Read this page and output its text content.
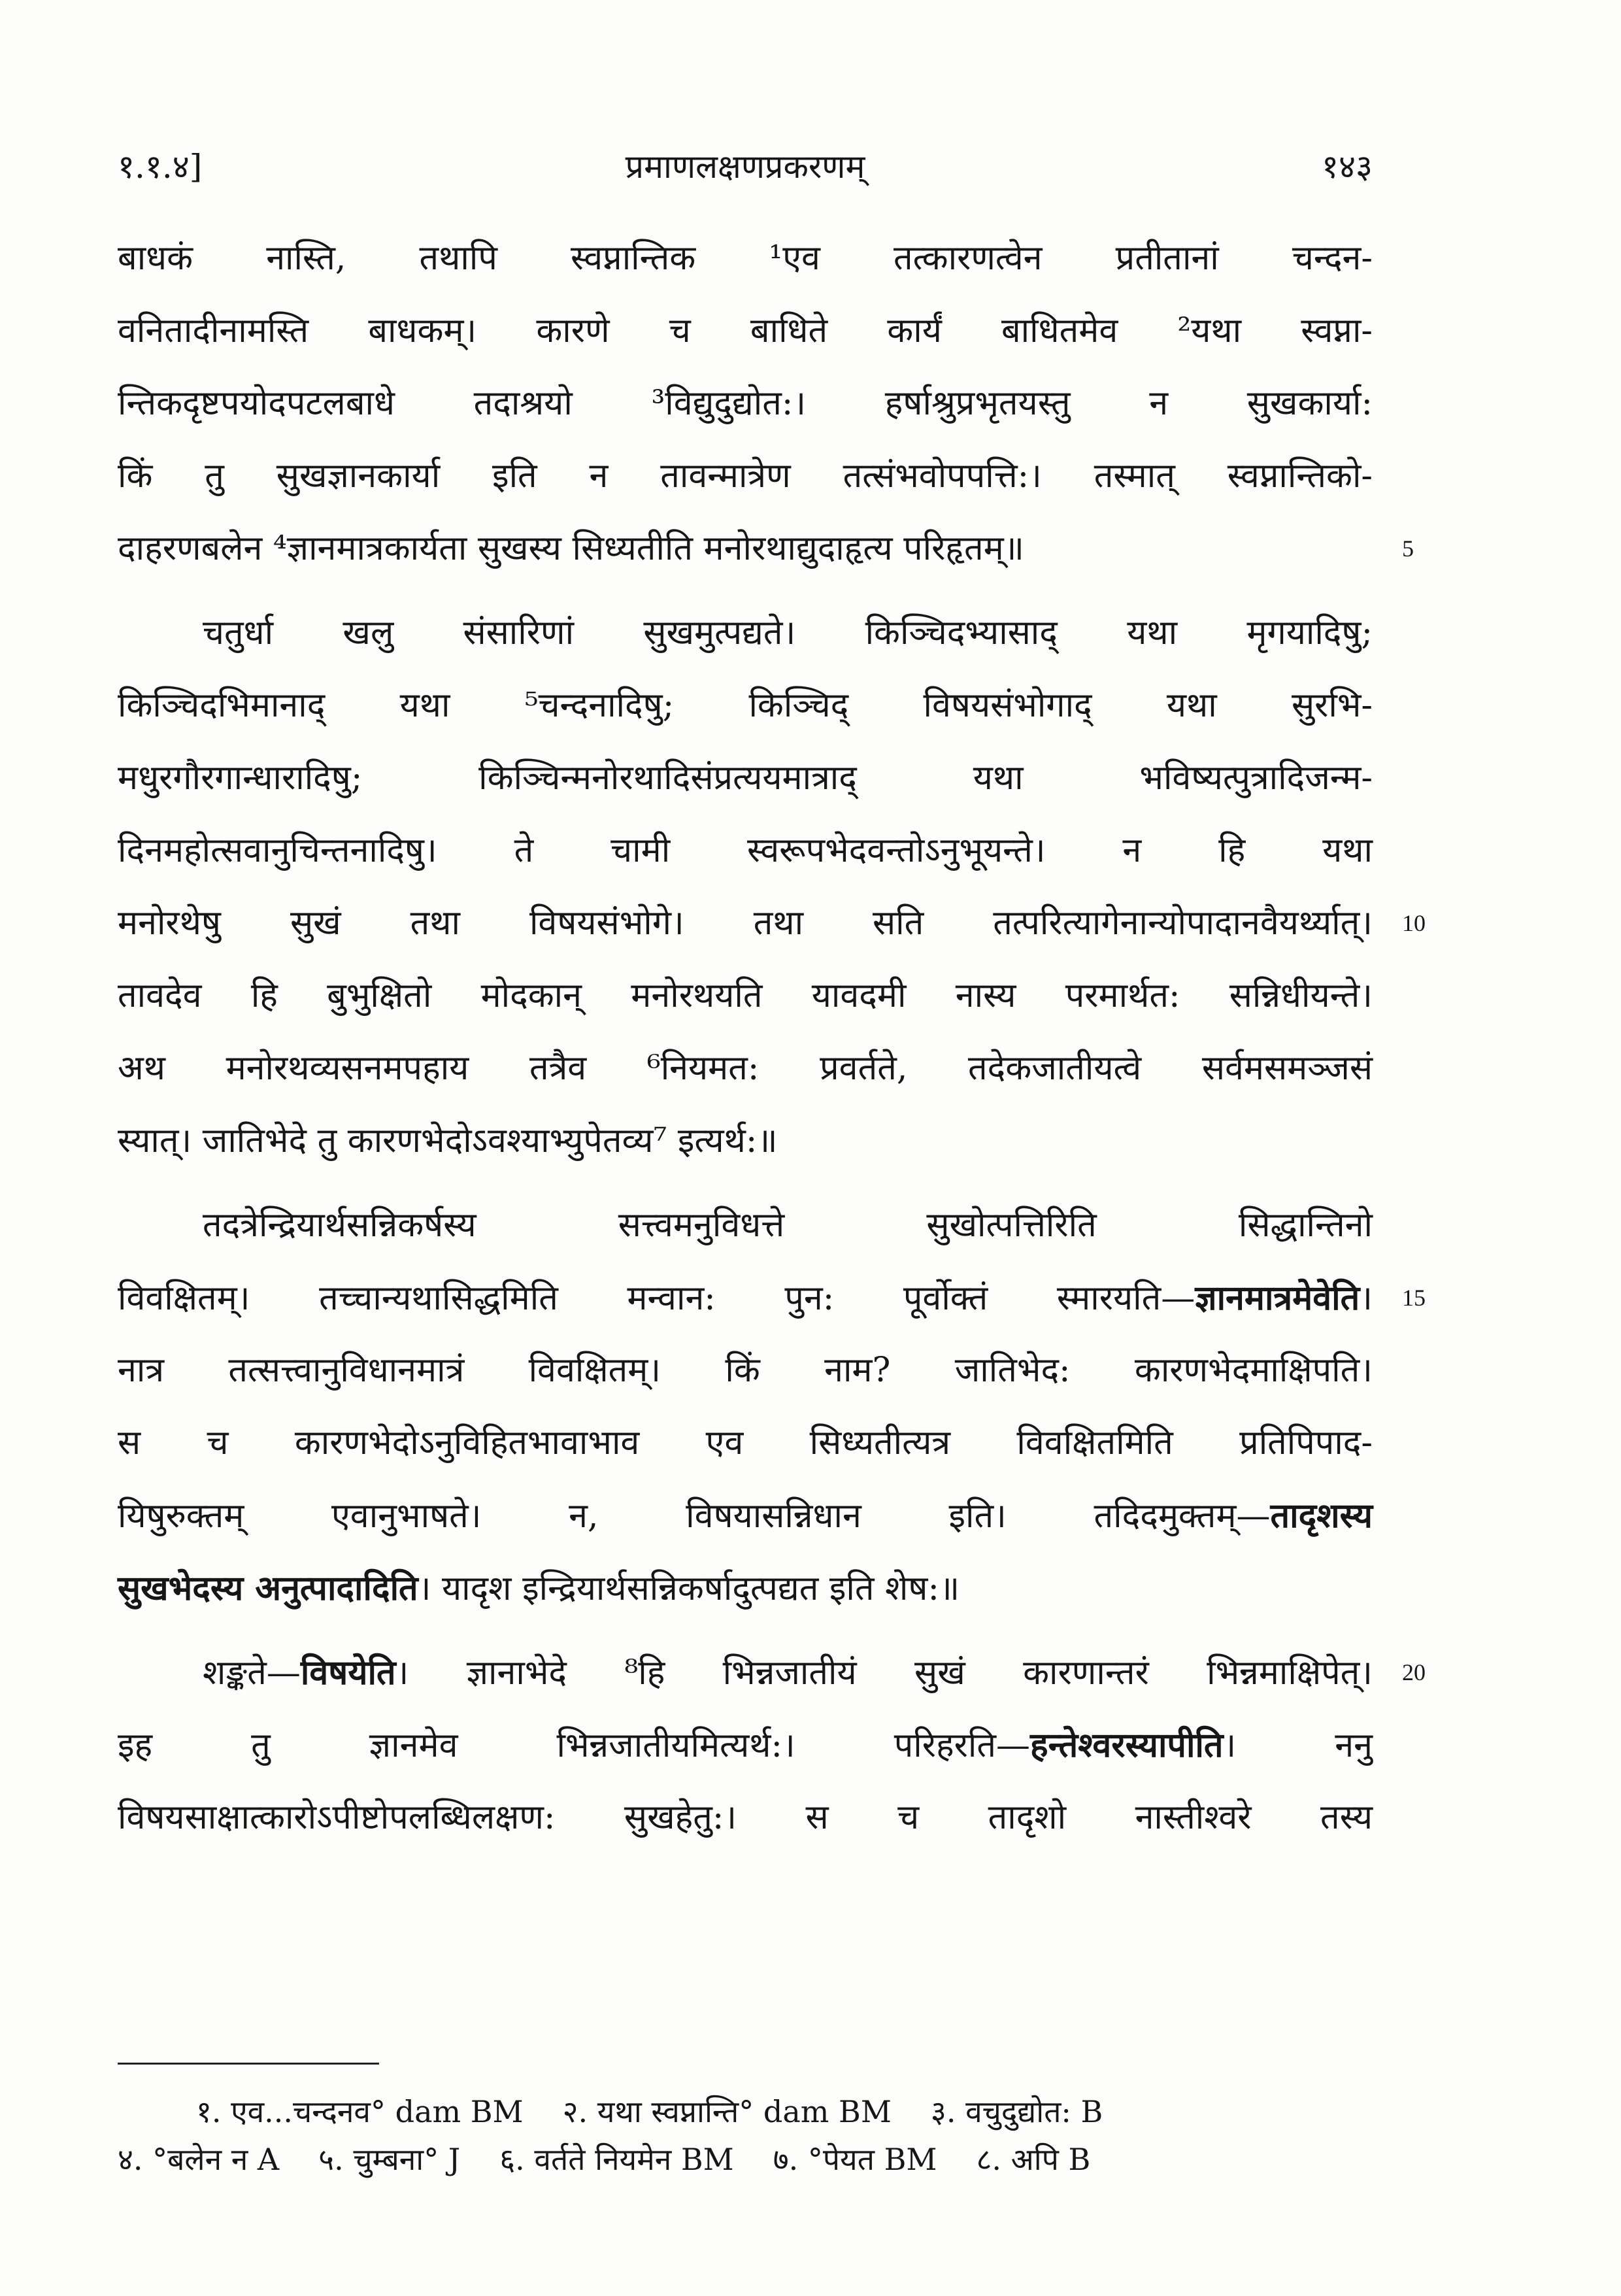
१.१.४]	प्रमाणलक्षणप्रकरणम्	१४३
बाधकं नास्ति, तथापि स्वप्नान्तिक ¹एव तत्कारणत्वेन प्रतीतानां चन्दन-
वनितादीनामस्ति बाधकम्। कारणे च बाधिते कार्यं बाधितमेव ²यथा स्वप्ना-
न्तिकदृष्टपयोदपटलबाधे तदाश्रयो ³विद्युदुद्योत:। हर्षाश्रुप्रभृतयस्तु न सुखकार्या:
किं तु सुखज्ञानकार्या इति न तावन्मात्रेण तत्संभवोपपत्ति:। तस्मात् स्वप्नान्तिको-
दाहरणबलेन ⁴ज्ञानमात्रकार्यता सुखस्य सिध्यतीति मनोरथाद्युदाहृत्य परिहृतम्॥	5
चतुर्धा खलु संसारिणां सुखमुत्पद्यते। किञ्चिदभ्यासाद् यथा मृगयादिषु;
किञ्चिदभिमानाद् यथा ⁵चन्दनादिषु; किञ्चिद् विषयसंभोगाद् यथा सुरभि-
मधुरगौरगान्धारादिषु; किञ्चिन्मनोरथादिसंप्रत्ययमात्राद् यथा भविष्यत्पुत्रादिजन्म-
दिनमहोत्सवानुचिन्तनादिषु। ते चामी स्वरूपभेदवन्तोऽनुभूयन्ते। न हि यथा
मनोरथेषु सुखं तथा विषयसंभोगे। तथा सति तत्परित्यागेनान्योपादानवैयर्थ्यात्। 10
तावदेव हि बुभुक्षितो मोदकान् मनोरथयति यावदमी नास्य परमार्थत: सन्निधीयन्ते।
अथ मनोरथव्यसनमपहाय तत्रैव ⁶नियमत: प्रवर्तते, तदेकजातीयत्वे सर्वमसमञ्जसं
स्यात्। जातिभेदे तु कारणभेदोऽवश्याभ्युपेतव्य⁷ इत्यर्थ:॥
तदत्रेन्द्रियार्थसन्निकर्षस्य सत्त्वमनुविधत्ते सुखोत्पत्तिरिति सिद्धान्तिनो
विवक्षितम्। तच्चान्यथासिद्धमिति मन्वान: पुन: पूर्वोक्तं स्मारयति—ज्ञानमात्रमेवेति। 15
नात्र तत्सत्त्वानुविधानमात्रं विवक्षितम्। किं नाम? जातिभेद: कारणभेदमाक्षिपति।
स च कारणभेदोऽनुविहितभावाभाव एव सिध्यतीत्यत्र विवक्षितमिति प्रतिपिपाद-
यिषुरुक्तम् एवानुभाषते। न, विषयासन्निधान इति। तदिदमुक्तम्—तादृशस्य
सुखभेदस्य अनुत्पादादिति। यादृश इन्द्रियार्थसन्निकर्षादुत्पद्यत इति शेष:॥
शङ्कते—विषयेति। ज्ञानाभेदे ⁸हि भिन्नजातीयं सुखं कारणान्तरं भिन्नमाक्षिपेत्। 20
इह तु ज्ञानमेव भिन्नजातीयमित्यर्थ:। परिहरति—हन्तेश्वरस्यापीति। ननु
विषयसाक्षात्कारोऽपीष्टोपलब्धिलक्षण: सुखहेतु:। स च तादृशो नास्तीश्वरे तस्य
१. एव...चन्दनव° dam BM २. यथा स्वप्नान्ति° dam BM ३. वचुदुद्योत: B
४. °बलेन न A ५. चुम्बना° J ६. वर्तते नियमेन BM ७. °पेयत BM ८. अपि B
